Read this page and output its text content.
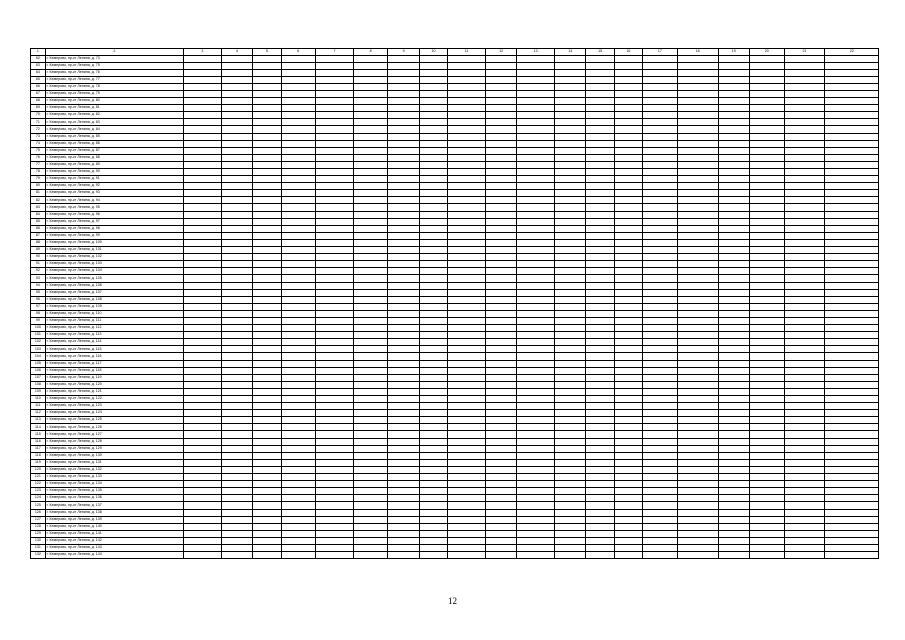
1	2	3	4	5	6	7	8	9	10	11	12	13	14	15	16	17	18	19	20	21	22
62	г. Кемерово, пр-кт Ленина, д. 73																				
63	г. Кемерово, пр-кт Ленина, д. 75																				
64	г. Кемерово, пр-кт Ленина, д. 76																				
65	г. Кемерово, пр-кт Ленина, д. 77																				
66	г. Кемерово, пр-кт Ленина, д. 78																				
67	г. Кемерово, пр-кт Ленина, д. 79																				
68	г. Кемерово, пр-кт Ленина, д. 80																				
69	г. Кемерово, пр-кт Ленина, д. 81																				
70	г. Кемерово, пр-кт Ленина, д. 82																				
71	г. Кемерово, пр-кт Ленина, д. 83																				
72	г. Кемерово, пр-кт Ленина, д. 84																				
73	г. Кемерово, пр-кт Ленина, д. 85																				
74	г. Кемерово, пр-кт Ленина, д. 86																				
75	г. Кемерово, пр-кт Ленина, д. 87																				
76	г. Кемерово, пр-кт Ленина, д. 88																				
77	г. Кемерово, пр-кт Ленина, д. 89																				
78	г. Кемерово, пр-кт Ленина, д. 90																				
79	г. Кемерово, пр-кт Ленина, д. 91																				
80	г. Кемерово, пр-кт Ленина, д. 92																				
81	г. Кемерово, пр-кт Ленина, д. 93																				
82	г. Кемерово, пр-кт Ленина, д. 94																				
83	г. Кемерово, пр-кт Ленина, д. 95																				
84	г. Кемерово, пр-кт Ленина, д. 96																				
85	г. Кемерово, пр-кт Ленина, д. 97																				
86	г. Кемерово, пр-кт Ленина, д. 98																				
87	г. Кемерово, пр-кт Ленина, д. 99																				
88	г. Кемерово, пр-кт Ленина, д. 100																				
89	г. Кемерово, пр-кт Ленина, д. 101																				
90	г. Кемерово, пр-кт Ленина, д. 102																				
91	г. Кемерово, пр-кт Ленина, д. 103																				
92	г. Кемерово, пр-кт Ленина, д. 104																				
93	г. Кемерово, пр-кт Ленина, д. 105																				
94	г. Кемерово, пр-кт Ленина, д. 106																				
95	г. Кемерово, пр-кт Ленина, д. 107																				
96	г. Кемерово, пр-кт Ленина, д. 108																				
97	г. Кемерово, пр-кт Ленина, д. 109																				
98	г. Кемерово, пр-кт Ленина, д. 110																				
99	г. Кемерово, пр-кт Ленина, д. 111																				
100	г. Кемерово, пр-кт Ленина, д. 112																				
101	г. Кемерово, пр-кт Ленина, д. 113																				
102	г. Кемерово, пр-кт Ленина, д. 114																				
103	г. Кемерово, пр-кт Ленина, д. 115																				
104	г. Кемерово, пр-кт Ленина, д. 116																				
105	г. Кемерово, пр-кт Ленина, д. 117																				
106	г. Кемерово, пр-кт Ленина, д. 118																				
107	г. Кемерово, пр-кт Ленина, д. 119																				
108	г. Кемерово, пр-кт Ленина, д. 120																				
109	г. Кемерово, пр-кт Ленина, д. 121																				
110	г. Кемерово, пр-кт Ленина, д. 122																				
111	г. Кемерово, пр-кт Ленина, д. 123																				
112	г. Кемерово, пр-кт Ленина, д. 124																				
113	г. Кемерово, пр-кт Ленина, д. 125																				
114	г. Кемерово, пр-кт Ленина, д. 126																				
115	г. Кемерово, пр-кт Ленина, д. 127																				
116	г. Кемерово, пр-кт Ленина, д. 128																				
117	г. Кемерово, пр-кт Ленина, д. 129																				
118	г. Кемерово, пр-кт Ленина, д. 130																				
119	г. Кемерово, пр-кт Ленина, д. 131																				
120	г. Кемерово, пр-кт Ленина, д. 132																				
121	г. Кемерово, пр-кт Ленина, д. 133																				
122	г. Кемерово, пр-кт Ленина, д. 134																				
123	г. Кемерово, пр-кт Ленина, д. 135																				
124	г. Кемерово, пр-кт Ленина, д. 136																				
125	г. Кемерово, пр-кт Ленина, д. 137																				
126	г. Кемерово, пр-кт Ленина, д. 138																				
127	г. Кемерово, пр-кт Ленина, д. 139																				
128	г. Кемерово, пр-кт Ленина, д. 140																				
129	г. Кемерово, пр-кт Ленина, д. 141																				
130	г. Кемерово, пр-кт Ленина, д. 142																				
131	г. Кемерово, пр-кт Ленина, д. 143																				
132	г. Кемерово, пр-кт Ленина, д. 144																				
12
